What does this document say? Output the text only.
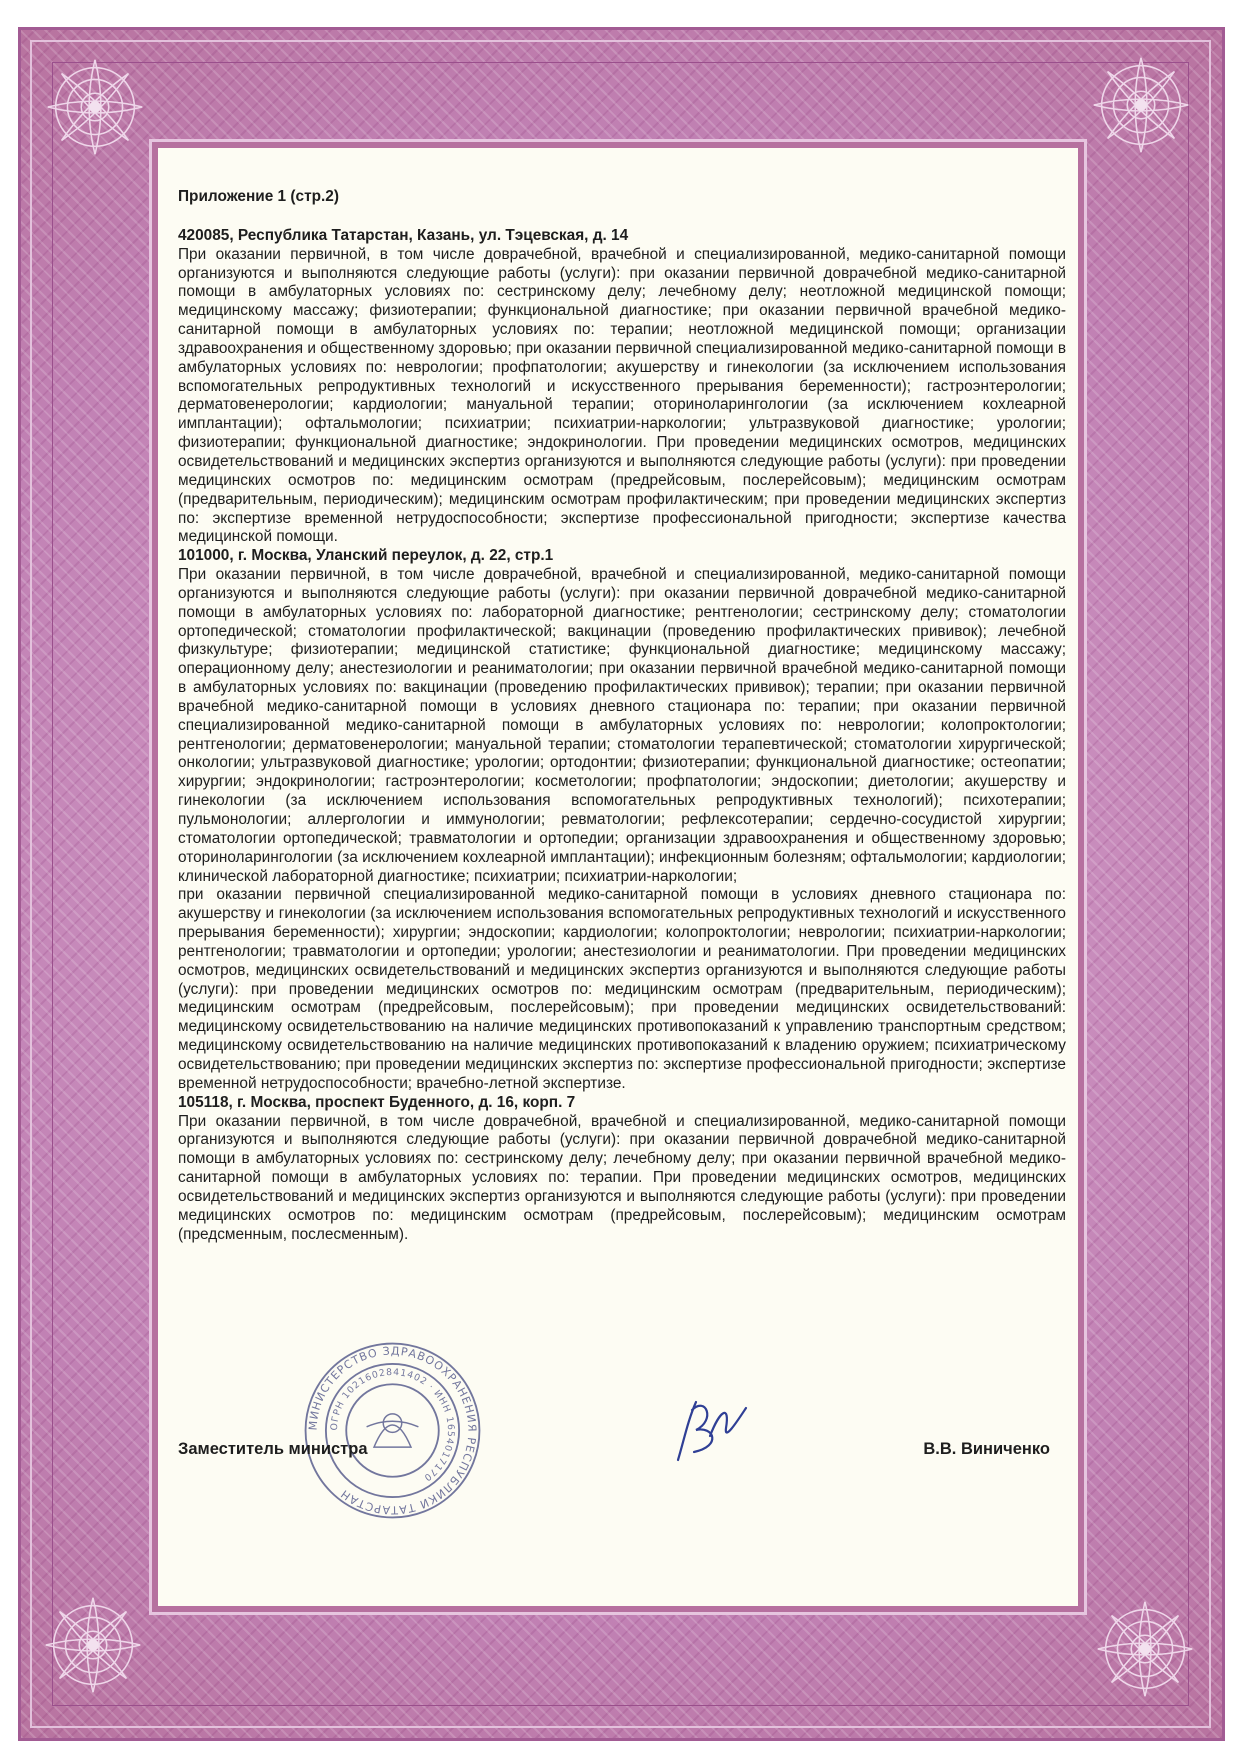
Приложение 1 (стр.2)

420085, Республика Татарстан, Казань, ул. Тэцевская, д. 14

При оказании первичной, в том числе доврачебной, врачебной и специализированной, медико-санитарной помощи организуются и выполняются следующие работы (услуги): при оказании первичной доврачебной медико-санитарной помощи в амбулаторных условиях по: сестринскому делу; лечебному делу; неотложной медицинской помощи; медицинскому массажу; физиотерапии; функциональной диагностике; при оказании первичной врачебной медико-санитарной помощи в амбулаторных условиях по: терапии; неотложной медицинской помощи; организации здравоохранения и общественному здоровью; при оказании первичной специализированной медико-санитарной помощи в амбулаторных условиях по: неврологии; профпатологии; акушерству и гинекологии (за исключением использования вспомогательных репродуктивных технологий и искусственного прерывания беременности); гастроэнтерологии; дерматовенерологии; кардиологии; мануальной терапии; оториноларингологии (за исключением кохлеарной имплантации); офтальмологии; психиатрии; психиатрии-наркологии; ультразвуковой диагностике; урологии; физиотерапии; функциональной диагностике; эндокринологии. При проведении медицинских осмотров, медицинских освидетельствований и медицинских экспертиз организуются и выполняются следующие работы (услуги): при проведении медицинских осмотров по: медицинским осмотрам (предрейсовым, послерейсовым); медицинским осмотрам (предварительным, периодическим); медицинским осмотрам профилактическим; при проведении медицинских экспертиз по: экспертизе временной нетрудоспособности; экспертизе профессиональной пригодности; экспертизе качества медицинской помощи.

101000, г. Москва, Уланский переулок, д. 22, стр.1

При оказании первичной, в том числе доврачебной, врачебной и специализированной, медико-санитарной помощи организуются и выполняются следующие работы (услуги): при оказании первичной доврачебной медико-санитарной помощи в амбулаторных условиях по: лабораторной диагностике; рентгенологии; сестринскому делу; стоматологии ортопедической; стоматологии профилактической; вакцинации (проведению профилактических прививок); лечебной физкультуре; физиотерапии; медицинской статистике; функциональной диагностике; медицинскому массажу; операционному делу; анестезиологии и реаниматологии; при оказании первичной врачебной медико-санитарной помощи в амбулаторных условиях по: вакцинации (проведению профилактических прививок); терапии; при оказании первичной врачебной медико-санитарной помощи в условиях дневного стационара по: терапии; при оказании первичной специализированной медико-санитарной помощи в амбулаторных условиях по: неврологии; колопроктологии; рентгенологии; дерматовенерологии; мануальной терапии; стоматологии терапевтической; стоматологии хирургической; онкологии; ультразвуковой диагностике; урологии; ортодонтии; физиотерапии; функциональной диагностике; остеопатии; хирургии; эндокринологии; гастроэнтерологии; косметологии; профпатологии; эндоскопии; диетологии; акушерству и гинекологии (за исключением использования вспомогательных репродуктивных технологий); психотерапии; пульмонологии; аллергологии и иммунологии; ревматологии; рефлексотерапии; сердечно-сосудистой хирургии; стоматологии ортопедической; травматологии и ортопедии; организации здравоохранения и общественному здоровью; оториноларингологии (за исключением кохлеарной имплантации); инфекционным болезням; офтальмологии; кардиологии; клинической лабораторной диагностике; психиатрии; психиатрии-наркологии;

при оказании первичной специализированной медико-санитарной помощи в условиях дневного стационара по: акушерству и гинекологии (за исключением использования вспомогательных репродуктивных технологий и искусственного прерывания беременности); хирургии; эндоскопии; кардиологии; колопроктологии; неврологии; психиатрии-наркологии; рентгенологии; травматологии и ортопедии; урологии; анестезиологии и реаниматологии. При проведении медицинских осмотров, медицинских освидетельствований и медицинских экспертиз организуются и выполняются следующие работы (услуги): при проведении медицинских осмотров по: медицинским осмотрам (предварительным, периодическим); медицинским осмотрам (предрейсовым, послерейсовым); при проведении медицинских освидетельствований: медицинскому освидетельствованию на наличие медицинских противопоказаний к управлению транспортным средством; медицинскому освидетельствованию на наличие медицинских противопоказаний к владению оружием; психиатрическому освидетельствованию; при проведении медицинских экспертиз по: экспертизе профессиональной пригодности; экспертизе временной нетрудоспособности; врачебно-летной экспертизе.

105118, г. Москва, проспект Буденного, д. 16, корп. 7

При оказании первичной, в том числе доврачебной, врачебной и специализированной, медико-санитарной помощи организуются и выполняются следующие работы (услуги): при оказании первичной доврачебной медико-санитарной помощи в амбулаторных условиях по: сестринскому делу; лечебному делу; при оказании первичной врачебной медико-санитарной помощи в амбулаторных условиях по: терапии. При проведении медицинских осмотров, медицинских освидетельствований и медицинских экспертиз организуются и выполняются следующие работы (услуги): при проведении медицинских осмотров по: медицинским осмотрам (предрейсовым, послерейсовым); медицинским осмотрам (предсменным, послесменным).

МИНИСТЕРСТВО ЗДРАВООХРАНЕНИЯ РЕСПУБЛИКИ ТАТАРСТАН
ОГРН 1021602841402 · ИНН 1654017170
Заместитель министра	В.В. Виниченко
